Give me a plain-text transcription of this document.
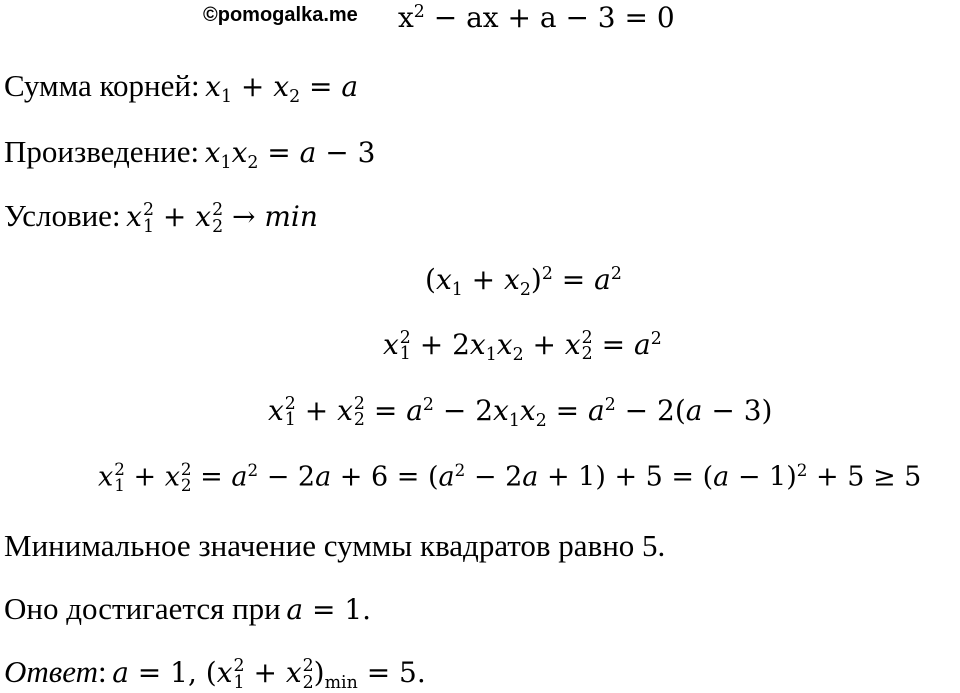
©pomogalka.me x2 − ax + a − 3 = 0
Сумма корней: x1 + x2 = a
Произведение: x1x2 = a − 3
Условие: x 2
1 + x 2
2 → min
(x1 + x2)2 = a2
x 2
1 + 2x1x2 + x 2
2 = a2
x 2
1 + x 2
2 = a2 − 2x1x2 = a2 − 2(a − 3)
x 2
1 + x 2
2 = a2 − 2a + 6 = (a2 − 2a + 1) + 5 = (a − 1)2 + 5 ≥ 5
Минимальное значение суммы квадратов равно 5.
Оно достигается при a = 1.
Ответ: a = 1, (x 2
1 + x 2
2 )min = 5.
